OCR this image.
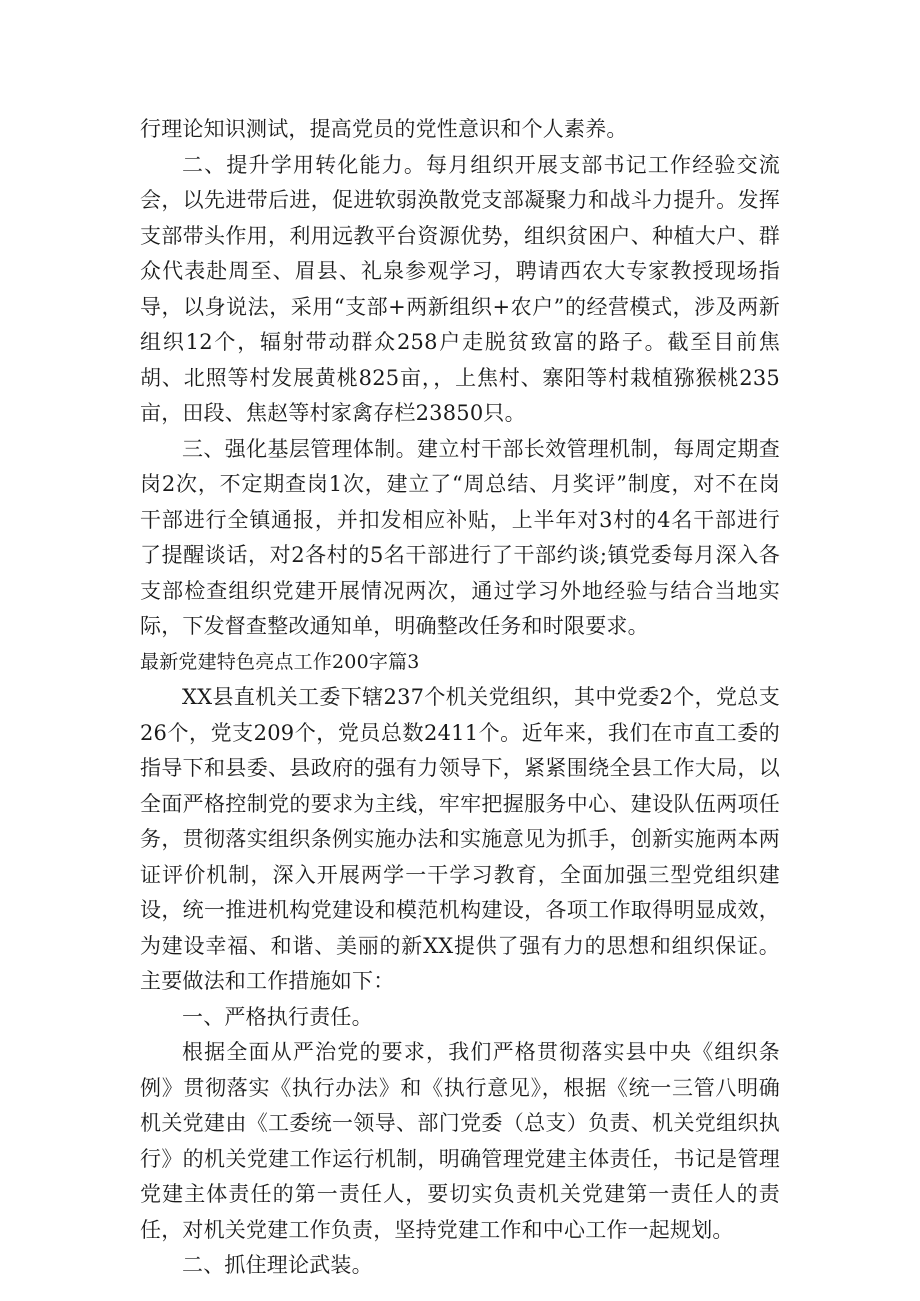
行理论知识测试，提高党员的党性意识和个人素养。

二、提升学用转化能力。每月组织开展支部书记工作经验交流会，以先进带后进，促进软弱涣散党支部凝聚力和战斗力提升。发挥支部带头作用，利用远教平台资源优势，组织贫困户、种植大户、群众代表赴周至、眉县、礼泉参观学习，聘请西农大专家教授现场指导，以身说法，采用“支部+两新组织+农户”的经营模式，涉及两新组织12个，辐射带动群众258户走脱贫致富的路子。截至目前焦胡、北照等村发展黄桃825亩，，上焦村、寨阳等村栽植猕猴桃235亩，田段、焦赵等村家禽存栏23850只。

三、强化基层管理体制。建立村干部长效管理机制，每周定期查岗2次，不定期查岗1次，建立了“周总结、月奖评”制度，对不在岗干部进行全镇通报，并扣发相应补贴，上半年对3村的4名干部进行了提醒谈话，对2各村的5名干部进行了干部约谈;镇党委每月深入各支部检查组织党建开展情况两次，通过学习外地经验与结合当地实际，下发督查整改通知单，明确整改任务和时限要求。

最新党建特色亮点工作200字篇3

XX县直机关工委下辖237个机关党组织，其中党委2个，党总支26个，党支209个，党员总数2411个。近年来，我们在市直工委的指导下和县委、县政府的强有力领导下，紧紧围绕全县工作大局，以全面严格控制党的要求为主线，牢牢把握服务中心、建设队伍两项任务，贯彻落实组织条例实施办法和实施意见为抓手，创新实施两本两证评价机制，深入开展两学一干学习教育，全面加强三型党组织建设，统一推进机构党建设和模范机构建设，各项工作取得明显成效，为建设幸福、和谐、美丽的新XX提供了强有力的思想和组织保证。主要做法和工作措施如下：

一、严格执行责任。

根据全面从严治党的要求，我们严格贯彻落实县中央《组织条例》贯彻落实《执行办法》和《执行意见》，根据《统一三管八明确机关党建由《工委统一领导、部门党委（总支）负责、机关党组织执行》的机关党建工作运行机制，明确管理党建主体责任，书记是管理党建主体责任的第一责任人，要切实负责机关党建第一责任人的责任，对机关党建工作负责，坚持党建工作和中心工作一起规划。

二、抓住理论武装。
